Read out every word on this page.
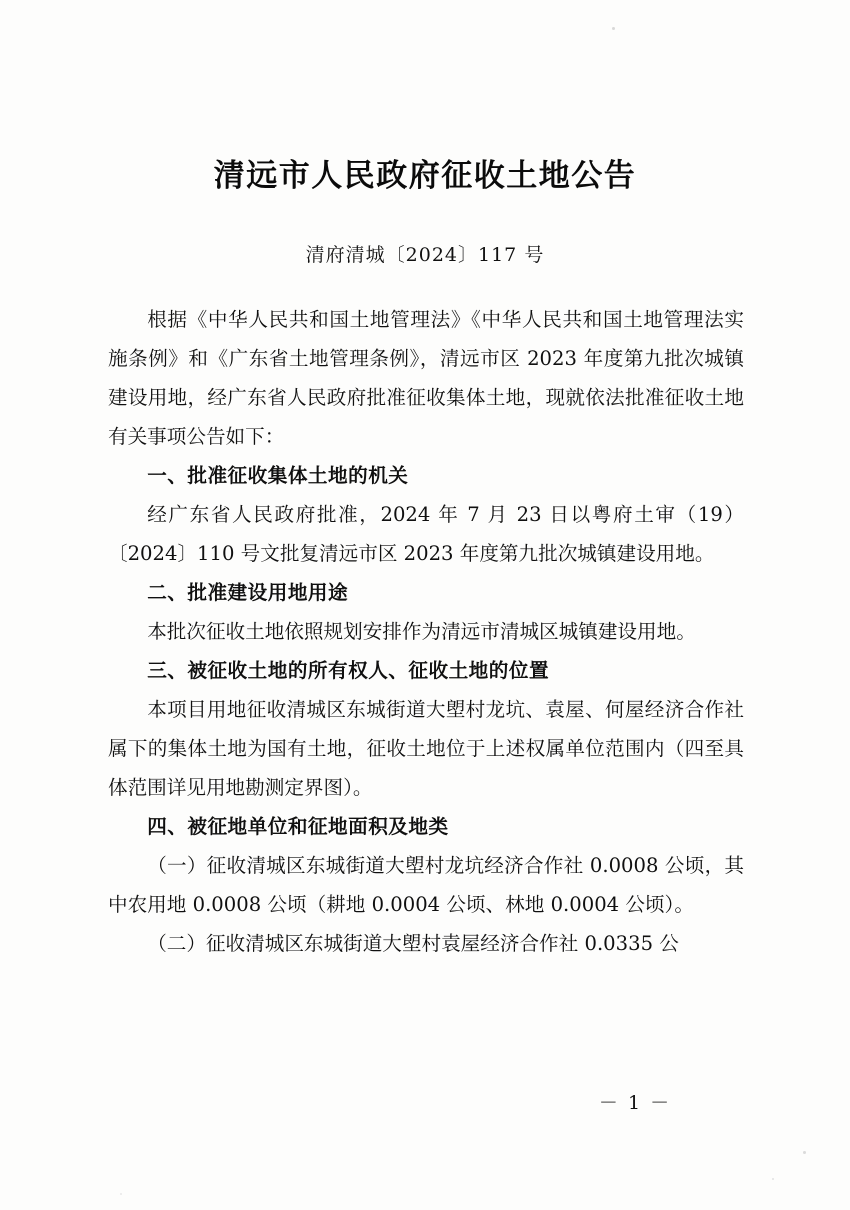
清远市人民政府征收土地公告
清府清城〔2024〕117 号

根据《中华人民共和国土地管理法》《中华人民共和国土地管理法实施条例》和《广东省土地管理条例》，清远市区 2023 年度第九批次城镇建设用地，经广东省人民政府批准征收集体土地，现就依法批准征收土地有关事项公告如下：

一、批准征收集体土地的机关

经广东省人民政府批准，2024 年 7 月 23 日以粤府土审（19）〔2024〕110 号文批复清远市区 2023 年度第九批次城镇建设用地。

二、批准建设用地用途

本批次征收土地依照规划安排作为清远市清城区城镇建设用地。

三、被征收土地的所有权人、征收土地的位置

本项目用地征收清城区东城街道大塱村龙坑、袁屋、何屋经济合作社属下的集体土地为国有土地，征收土地位于上述权属单位范围内（四至具体范围详见用地勘测定界图）。

四、被征地单位和征地面积及地类

（一）征收清城区东城街道大塱村龙坑经济合作社 0.0008 公顷，其中农用地 0.0008 公顷（耕地 0.0004 公顷、林地 0.0004 公顷）。

（二）征收清城区东城街道大塱村袁屋经济合作社 0.0335 公

－ 1 －
